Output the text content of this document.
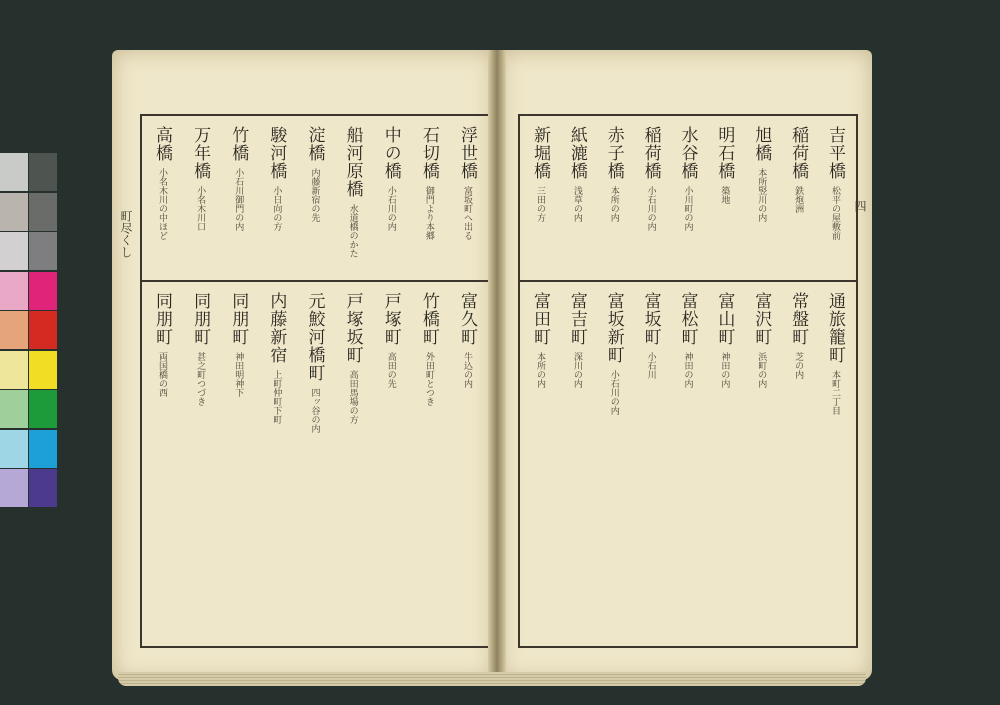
町尽くし
浮世橋富坂町へ出る
石切橋御門より本郷
中の橋小石川の内
船河原橋水道橋のかた
淀橋内藤新宿の先
駿河橋小日向の方
竹橋小石川御門の内
万年橋小名木川口
高橋小名木川の中ほど
富久町牛込の内
竹橋町外田町とつき
戸塚町高田の先
戸塚坂町高田馬場の方
元鮫河橋町四ッ谷の内
内藤新宿上町仲町下町
同朋町神田明神下
同朋町甚之町つづき
同朋町両国橋の西
四
吉平橋松平の屋敷前
稲荷橋鉄炮洲
旭橋本所竪川の内
明石橋築地
水谷橋小川町の内
稲荷橋小石川の内
赤子橋本所の内
紙漉橋浅草の内
新堀橋三田の方
通旅籠町本町二丁目
常盤町芝の内
富沢町浜町の内
富山町神田の内
富松町神田の内
富坂町小石川
富坂新町小石川の内
富吉町深川の内
富田町本所の内
